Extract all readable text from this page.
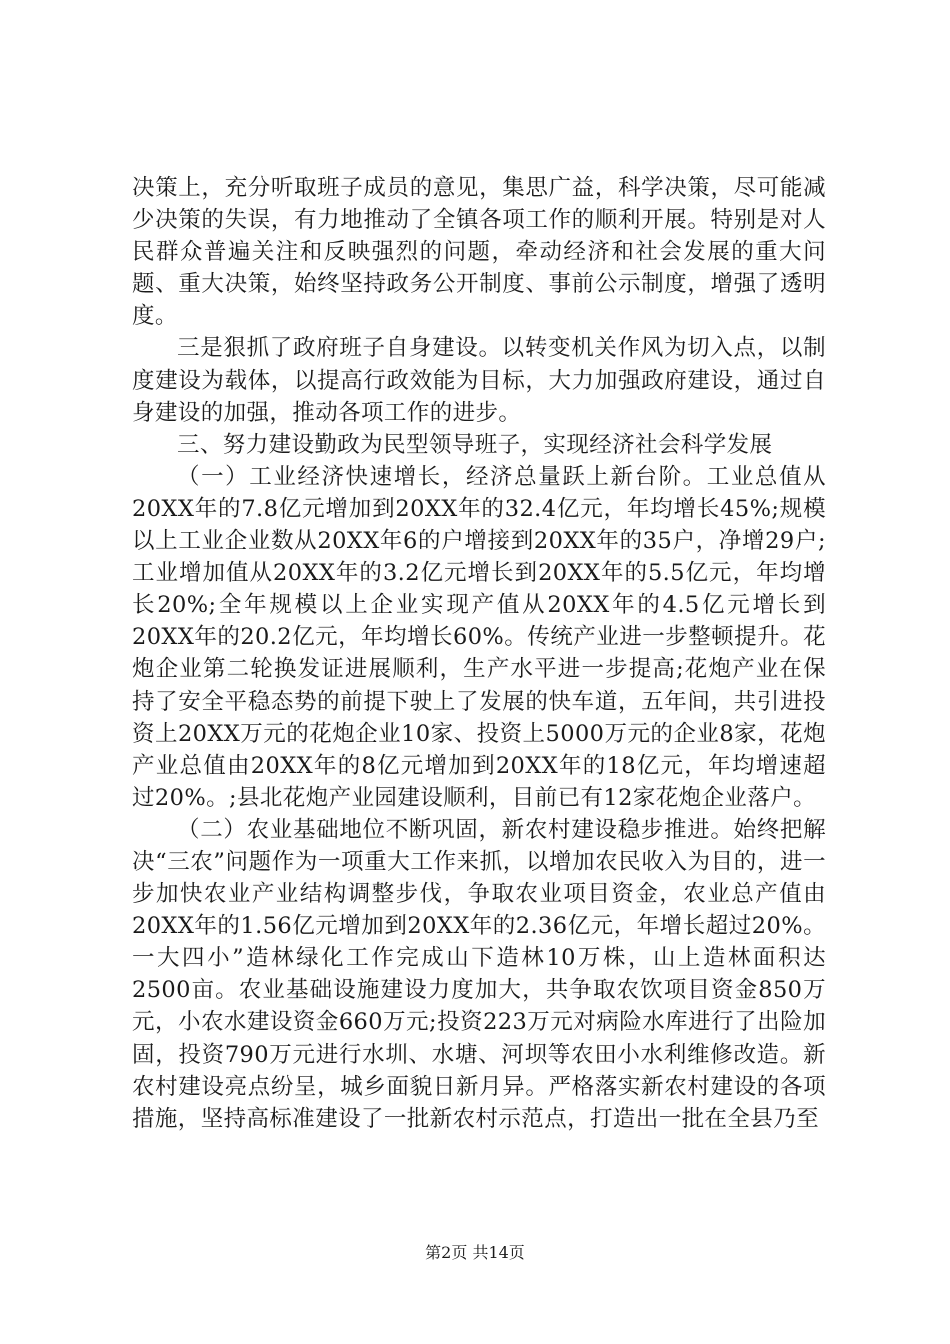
决策上，充分听取班子成员的意见，集思广益，科学决策，尽可能减少决策的失误，有力地推动了全镇各项工作的顺利开展。特别是对人民群众普遍关注和反映强烈的问题，牵动经济和社会发展的重大问题、重大决策，始终坚持政务公开制度、事前公示制度，增强了透明度。

三是狠抓了政府班子自身建设。以转变机关作风为切入点，以制度建设为载体，以提高行政效能为目标，大力加强政府建设，通过自身建设的加强，推动各项工作的进步。

三、努力建设勤政为民型领导班子，实现经济社会科学发展

（一）工业经济快速增长，经济总量跃上新台阶。工业总值从20XX年的7.8亿元增加到20XX年的32.4亿元，年均增长45%;规模以上工业企业数从20XX年6的户增接到20XX年的35户，净增29户;工业增加值从20XX年的3.2亿元增长到20XX年的5.5亿元，年均增长20%;全年规模以上企业实现产值从20XX年的4.5亿元增长到20XX年的20.2亿元，年均增长60%。传统产业进一步整顿提升。花炮企业第二轮换发证进展顺利，生产水平进一步提高;花炮产业在保持了安全平稳态势的前提下驶上了发展的快车道，五年间，共引进投资上20XX万元的花炮企业10家、投资上5000万元的企业8家，花炮产业总值由20XX年的8亿元增加到20XX年的18亿元，年均增速超过20%。;县北花炮产业园建设顺利，目前已有12家花炮企业落户。

（二）农业基础地位不断巩固，新农村建设稳步推进。始终把解决“三农”问题作为一项重大工作来抓，以增加农民收入为目的，进一步加快农业产业结构调整步伐，争取农业项目资金，农业总产值由20XX年的1.56亿元增加到20XX年的2.36亿元，年增长超过20%。一大四小”造林绿化工作完成山下造林10万株，山上造林面积达2500亩。农业基础设施建设力度加大，共争取农饮项目资金850万元，小农水建设资金660万元;投资223万元对病险水库进行了出险加固，投资790万元进行水圳、水塘、河坝等农田小水利维修改造。新农村建设亮点纷呈，城乡面貌日新月异。严格落实新农村建设的各项措施，坚持高标准建设了一批新农村示范点，打造出一批在全县乃至

第2页 共14页
